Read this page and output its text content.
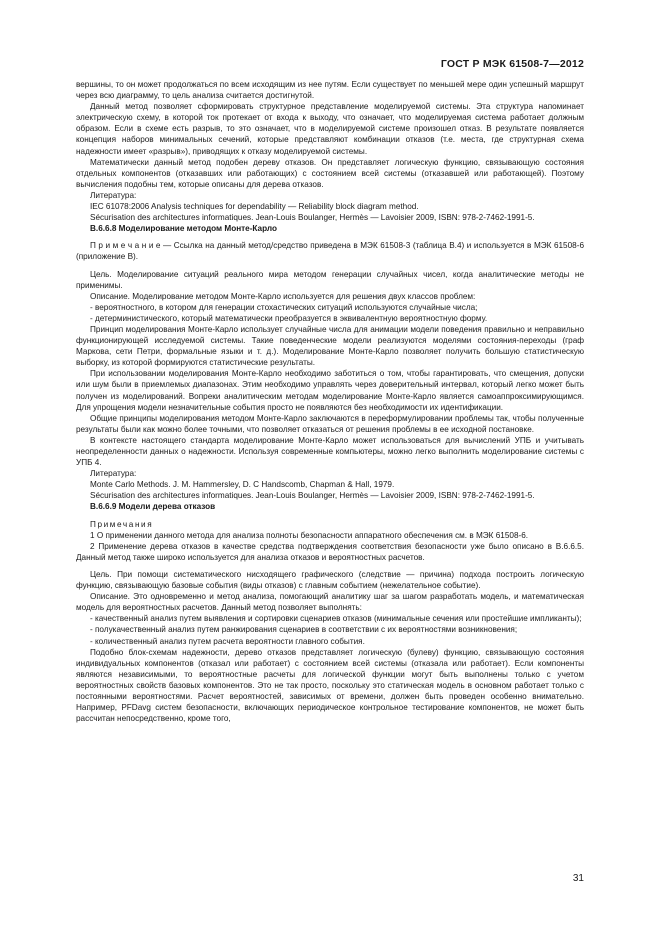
ГОСТ Р МЭК 61508-7—2012

вершины, то он может продолжаться по всем исходящим из нее путям. Если существует по меньшей мере один успешный маршрут через всю диаграмму, то цель анализа считается достигнутой.

Данный метод позволяет сформировать структурное представление моделируемой системы. Эта структура напоминает электрическую схему, в которой ток протекает от входа к выходу, что означает, что моделируемая система работает должным образом. Если в схеме есть разрыв, то это означает, что в моделируемой системе произошел отказ. В результате появляется концепция наборов минимальных сечений, которые представляют комбинации отказов (т.е. места, где структурная схема надежности имеет «разрыв»), приводящих к отказу моделируемой системы.

Математически данный метод подобен дереву отказов. Он представляет логическую функцию, связывающую состояния отдельных компонентов (отказавших или работающих) с состоянием всей системы (отказавшей или работающей). Поэтому вычисления подобны тем, которые описаны для дерева отказов.

Литература:

IEC 61078:2006 Analysis techniques for dependability — Reliability block diagram method.

Sécurisation des architectures informatiques. Jean-Louis Boulanger, Hermès — Lavoisier 2009, ISBN: 978-2-7462-1991-5.

B.6.6.8 Моделирование методом Монте-Карло

П р и м е ч а н и е — Ссылка на данный метод/средство приведена в МЭК 61508-3 (таблица B.4) и используется в МЭК 61508-6 (приложение B).

Цель. Моделирование ситуаций реального мира методом генерации случайных чисел, когда аналитические методы не применимы.

Описание. Моделирование методом Монте-Карло используется для решения двух классов проблем:

- вероятностного, в котором для генерации стохастических ситуаций используются случайные числа;

- детерминистического, который математически преобразуется в эквивалентную вероятностную форму.

Принцип моделирования Монте-Карло использует случайные числа для анимации модели поведения правильно и неправильно функционирующей исследуемой системы. Такие поведенческие модели реализуются моделями состояния-переходы (граф Маркова, сети Петри, формальные языки и т. д.). Моделирование Монте-Карло позволяет получить большую статистическую выборку, из которой формируются статистические результаты.

При использовании моделирования Монте-Карло необходимо заботиться о том, чтобы гарантировать, что смещения, допуски или шум были в приемлемых диапазонах. Этим необходимо управлять через доверительный интервал, который легко может быть получен из моделирований. Вопреки аналитическим методам моделирование Монте-Карло является самоаппроксимирующимся. Для упрощения модели незначительные события просто не появляются без необходимости их идентификации.

Общие принципы моделирования методом Монте-Карло заключаются в переформулировании проблемы так, чтобы полученные результаты были как можно более точными, что позволяет отказаться от решения проблемы в ее исходной постановке.

В контексте настоящего стандарта моделирование Монте-Карло может использоваться для вычислений УПБ и учитывать неопределенности данных о надежности. Используя современные компьютеры, можно легко выполнить моделирование системы с УПБ 4.

Литература:

Monte Carlo Methods. J. M. Hammersley, D. C Handscomb, Chapman & Hall, 1979.

Sécurisation des architectures informatiques. Jean-Louis Boulanger, Hermès — Lavoisier 2009, ISBN: 978-2-7462-1991-5.

B.6.6.9 Модели дерева отказов

Примечания

1 О применении данного метода для анализа полноты безопасности аппаратного обеспечения см. в МЭК 61508-6.

2 Применение дерева отказов в качестве средства подтверждения соответствия безопасности уже было описано в B.6.6.5. Данный метод также широко используется для анализа отказов и вероятностных расчетов.

Цель. При помощи систематического нисходящего графического (следствие — причина) подхода построить логическую функцию, связывающую базовые события (виды отказов) с главным событием (нежелательное событие).

Описание. Это одновременно и метод анализа, помогающий аналитику шаг за шагом разработать модель, и математическая модель для вероятностных расчетов. Данный метод позволяет выполнять:

- качественный анализ путем выявления и сортировки сценариев отказов (минимальные сечения или простейшие импликанты);

- полукачественный анализ путем ранжирования сценариев в соответствии с их вероятностями возникновения;

- количественный анализ путем расчета вероятности главного события.

Подобно блок-схемам надежности, дерево отказов представляет логическую (булеву) функцию, связывающую состояния индивидуальных компонентов (отказал или работает) с состоянием всей системы (отказала или работает). Если компоненты являются независимыми, то вероятностные расчеты для логической функции могут быть выполнены только с учетом вероятностных свойств базовых компонентов. Это не так просто, поскольку это статическая модель в основном работает только с постоянными вероятностями. Расчет вероятностей, зависимых от времени, должен быть проведен особенно внимательно. Например, PFDavg систем безопасности, включающих периодическое контрольное тестирование компонентов, не может быть рассчитан непосредственно, кроме того,

31
